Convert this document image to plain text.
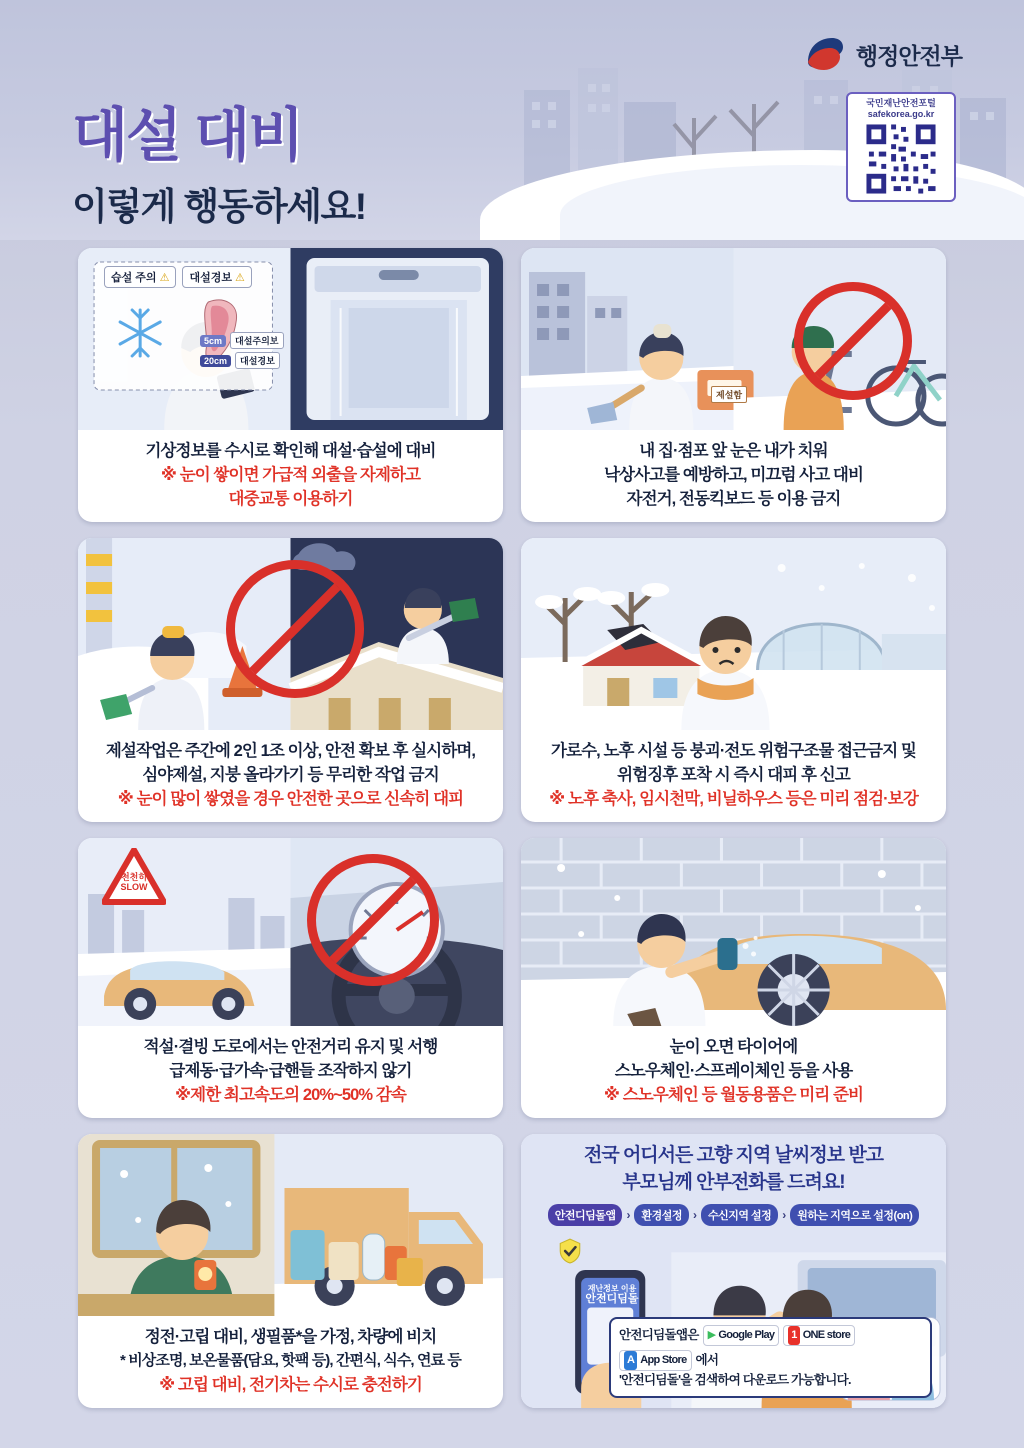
대설 대비
이렇게 행동하세요!
행정안전부
국민재난안전포털
safekorea.go.kr
습설 주의 ⚠ 대설경보 ⚠
5cm	대설주의보
20cm	대설경보

기상정보를 수시로 확인해 대설·습설에 대비

※ 눈이 쌓이면 가급적 외출을 자제하고

대중교통 이용하기

제설함

내 집·점포 앞 눈은 내가 치워

낙상사고를 예방하고, 미끄럼 사고 대비

자전거, 전동킥보드 등 이용 금지

제설작업은 주간에 2인 1조 이상, 안전 확보 후 실시하며,

심야제설, 지붕 올라가기 등 무리한 작업 금지

※ 눈이 많이 쌓였을 경우 안전한 곳으로 신속히 대피

가로수, 노후 시설 등 붕괴·전도 위험구조물 접근금지 및

위험징후 포착 시 즉시 대피 후 신고

※ 노후 축사, 임시천막, 비닐하우스 등은 미리 점검·보강

천천히
SLOW

적설·결빙 도로에서는 안전거리 유지 및 서행

급제동·급가속·급핸들 조작하지 않기

※제한 최고속도의 20%~50% 감속

눈이 오면 타이어에

스노우체인·스프레이체인 등을 사용

※ 스노우체인 등 월동용품은 미리 준비

정전·고립 대비, 생필품*을 가정, 차량에 비치

* 비상조명, 보온물품(담요, 핫팩 등), 간편식, 식수, 연료 등

※ 고립 대비, 전기차는 수시로 충전하기

전국 어디서든 고향 지역 날씨정보 받고
부모님께 안부전화를 드려요!
안전디딤돌앱 ›	환경설정 ›	수신지역 설정 ›	원하는 지역으로 설정(on)
재난정보 이용
안전디딤돌
안전디딤돌앱은 ▶ Google Play 1 ONE store
A App Store 에서
'안전디딤돌'을 검색하여 다운로드 가능합니다.
